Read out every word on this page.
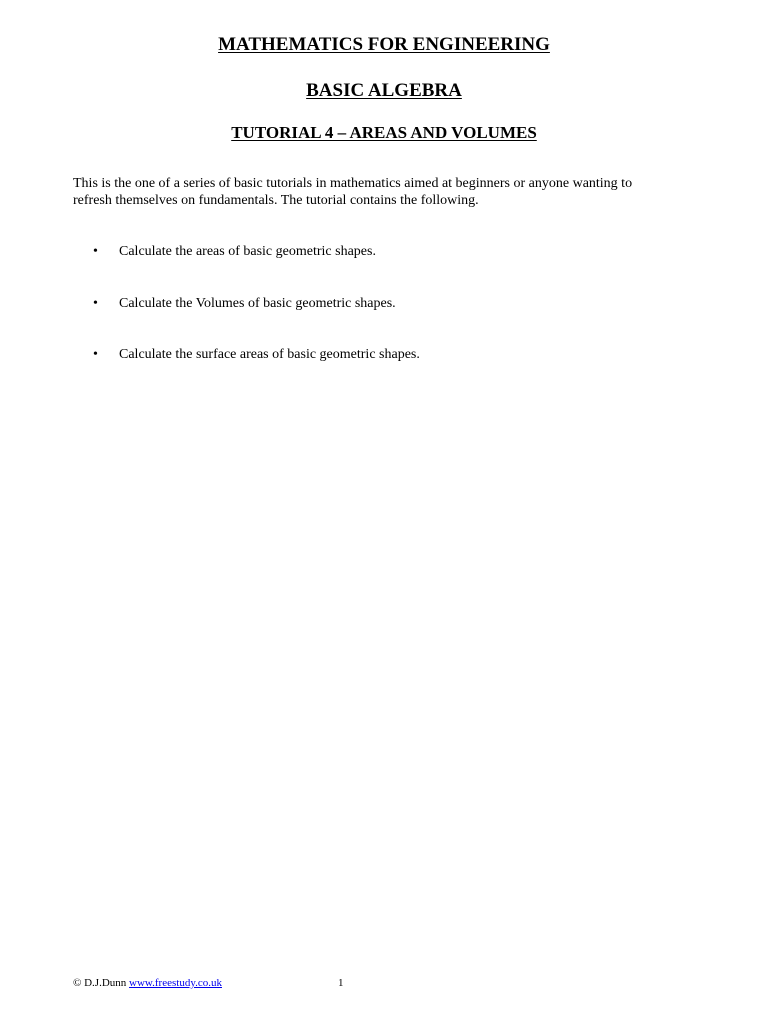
MATHEMATICS FOR ENGINEERING
BASIC ALGEBRA
TUTORIAL 4 – AREAS AND VOLUMES
This is the one of a series of basic tutorials in mathematics aimed at beginners or anyone wanting to
refresh themselves on fundamentals. The tutorial contains the following.
• Calculate the areas of basic geometric shapes.
• Calculate the Volumes of basic geometric shapes.
• Calculate the surface areas of basic geometric shapes.
© D.J.Dunn www.freestudy.co.uk	1
